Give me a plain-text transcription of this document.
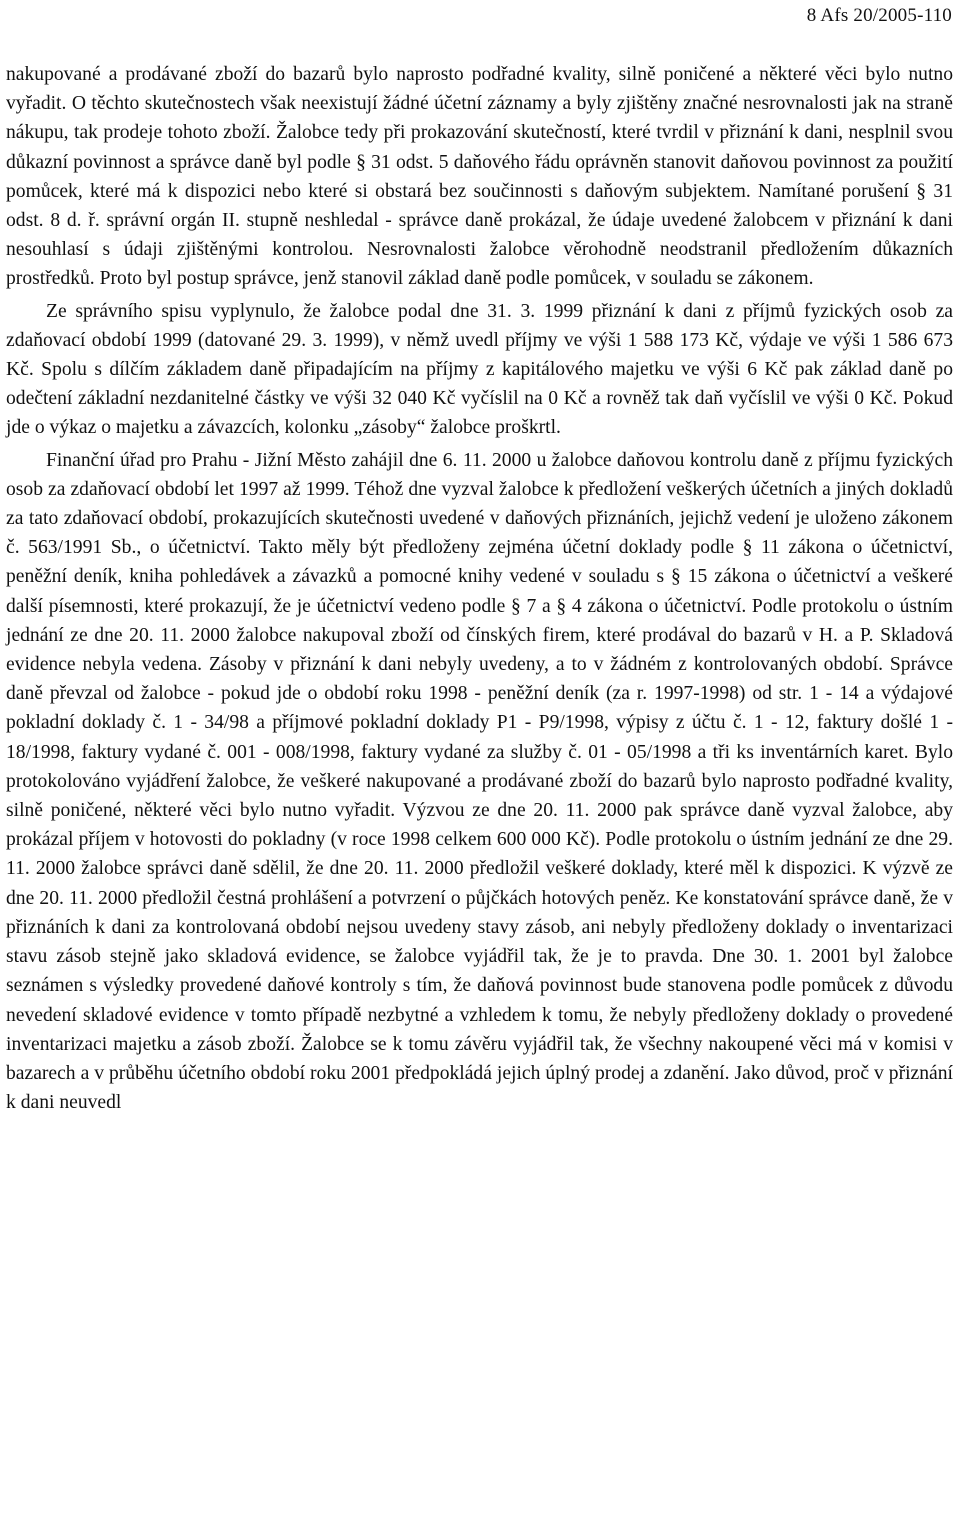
8 Afs 20/2005-110

nakupované a prodávané zboží do bazarů bylo naprosto podřadné kvality, silně poničené a některé věci bylo nutno vyřadit. O těchto skutečnostech však neexistují žádné účetní záznamy a byly zjištěny značné nesrovnalosti jak na straně nákupu, tak prodeje tohoto zboží. Žalobce tedy při prokazování skutečností, které tvrdil v přiznání k dani, nesplnil svou důkazní povinnost a správce daně byl podle § 31 odst. 5 daňového řádu oprávněn stanovit daňovou povinnost za použití pomůcek, které má k dispozici nebo které si obstará bez součinnosti s daňovým subjektem. Namítané porušení § 31 odst. 8 d. ř. správní orgán II. stupně neshledal - správce daně prokázal, že údaje uvedené žalobcem v přiznání k dani nesouhlasí s údaji zjištěnými kontrolou. Nesrovnalosti žalobce věrohodně neodstranil předložením důkazních prostředků. Proto byl postup správce, jenž stanovil základ daně podle pomůcek, v souladu se zákonem.

Ze správního spisu vyplynulo, že žalobce podal dne 31. 3. 1999 přiznání k dani z příjmů fyzických osob za zdaňovací období 1999 (datované 29. 3. 1999), v němž uvedl příjmy ve výši 1 588 173 Kč, výdaje ve výši 1 586 673 Kč. Spolu s dílčím základem daně připadajícím na příjmy z kapitálového majetku ve výši 6 Kč pak základ daně po odečtení základní nezdanitelné částky ve výši 32 040 Kč vyčíslil na 0 Kč a rovněž tak daň vyčíslil ve výši 0 Kč. Pokud jde o výkaz o majetku a závazcích, kolonku „zásoby“ žalobce proškrtl.

Finanční úřad pro Prahu - Jižní Město zahájil dne 6. 11. 2000 u žalobce daňovou kontrolu daně z příjmu fyzických osob za zdaňovací období let 1997 až 1999. Téhož dne vyzval žalobce k předložení veškerých účetních a jiných dokladů za tato zdaňovací období, prokazujících skutečnosti uvedené v daňových přiznáních, jejichž vedení je uloženo zákonem č. 563/1991 Sb., o účetnictví. Takto měly být předloženy zejména účetní doklady podle § 11 zákona o účetnictví, peněžní deník, kniha pohledávek a závazků a pomocné knihy vedené v souladu s § 15 zákona o účetnictví a veškeré další písemnosti, které prokazují, že je účetnictví vedeno podle § 7 a § 4 zákona o účetnictví. Podle protokolu o ústním jednání ze dne 20. 11. 2000 žalobce nakupoval zboží od čínských firem, které prodával do bazarů v H. a P. Skladová evidence nebyla vedena. Zásoby v přiznání k dani nebyly uvedeny, a to v žádném z kontrolovaných období. Správce daně převzal od žalobce - pokud jde o období roku 1998 - peněžní deník (za r. 1997-1998) od str. 1 - 14 a výdajové pokladní doklady č. 1 - 34/98 a příjmové pokladní doklady P1 - P9/1998, výpisy z účtu č. 1 - 12, faktury došlé 1 - 18/1998, faktury vydané č. 001 - 008/1998, faktury vydané za služby č. 01 - 05/1998 a tři ks inventárních karet. Bylo protokolováno vyjádření žalobce, že veškeré nakupované a prodávané zboží do bazarů bylo naprosto podřadné kvality, silně poničené, některé věci bylo nutno vyřadit. Výzvou ze dne 20. 11. 2000 pak správce daně vyzval žalobce, aby prokázal příjem v hotovosti do pokladny (v roce 1998 celkem 600 000 Kč). Podle protokolu o ústním jednání ze dne 29. 11. 2000 žalobce správci daně sdělil, že dne 20. 11. 2000 předložil veškeré doklady, které měl k dispozici. K výzvě ze dne 20. 11. 2000 předložil čestná prohlášení a potvrzení o půjčkách hotových peněz. Ke konstatování správce daně, že v přiznáních k dani za kontrolovaná období nejsou uvedeny stavy zásob, ani nebyly předloženy doklady o inventarizaci stavu zásob stejně jako skladová evidence, se žalobce vyjádřil tak, že je to pravda. Dne 30. 1. 2001 byl žalobce seznámen s výsledky provedené daňové kontroly s tím, že daňová povinnost bude stanovena podle pomůcek z důvodu nevedení skladové evidence v tomto případě nezbytné a vzhledem k tomu, že nebyly předloženy doklady o provedené inventarizaci majetku a zásob zboží. Žalobce se k tomu závěru vyjádřil tak, že všechny nakoupené věci má v komisi v bazarech a v průběhu účetního období roku 2001 předpokládá jejich úplný prodej a zdanění. Jako důvod, proč v přiznání k dani neuvedl
